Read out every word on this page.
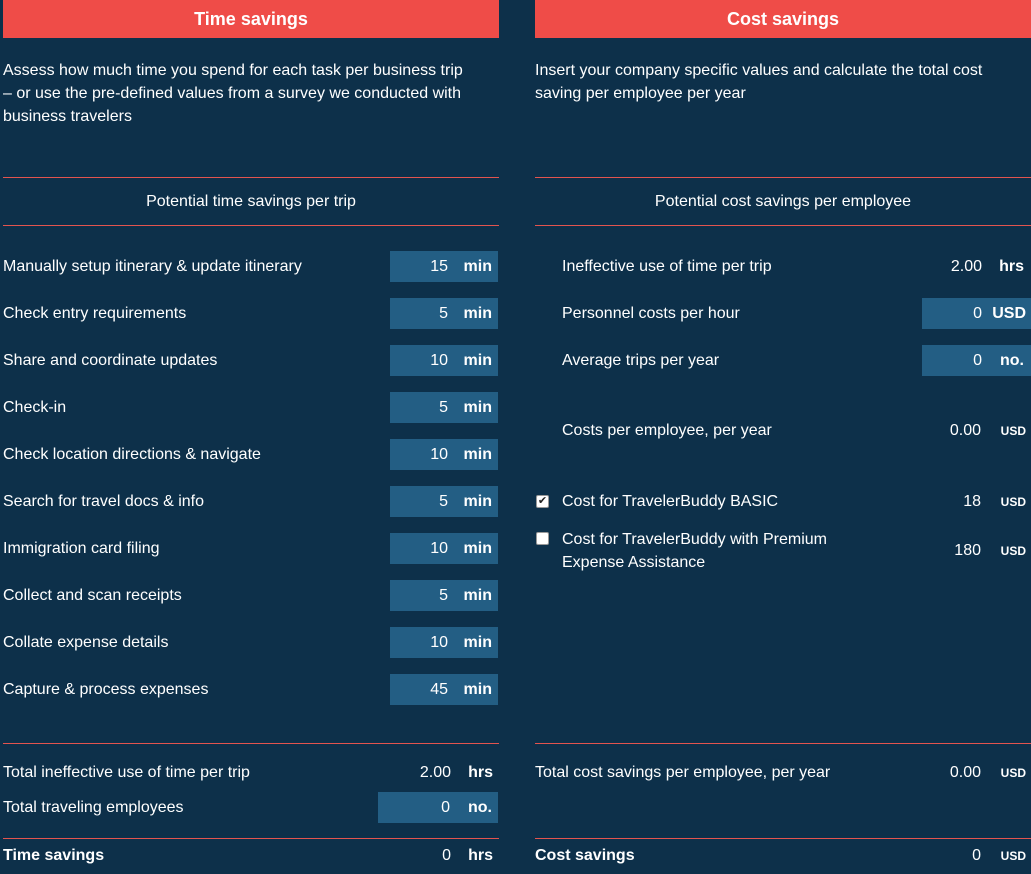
Time savings
Assess how much time you spend for each task per business trip
– or use the pre-defined values from a survey we conducted with
business travelers
Potential time savings per trip
Manually setup itinerary & update itinerary	15 min
Check entry requirements	5 min
Share and coordinate updates	10 min
Check-in	5 min
Check location directions & navigate	10 min
Search for travel docs & info	5 min
Immigration card filing	10 min
Collect and scan receipts	5 min
Collate expense details	10 min
Capture & process expenses	45 min
Total ineffective use of time per trip	2.00 hrs
Total traveling employees	0 no.
Time savings	0 hrs
Cost savings
Insert your company specific values and calculate the total cost
saving per employee per year
Potential cost savings per employee
Ineffective use of time per trip	2.00 hrs
Personnel costs per hour	0 USD
Average trips per year	0 no.
Costs per employee, per year	0.00 USD
✔ Cost for TravelerBuddy BASIC	18 USD
Cost for TravelerBuddy with Premium
Expense Assistance
180 USD
Total cost savings per employee, per year	0.00 USD
Cost savings	0 USD
